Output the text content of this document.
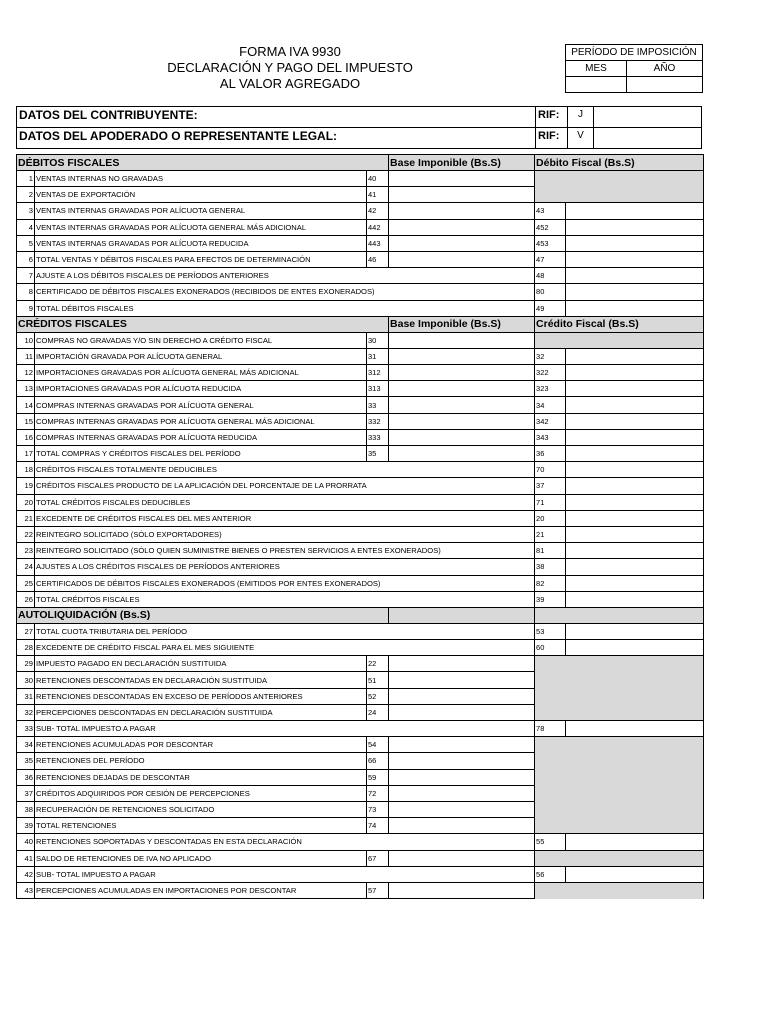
FORMA IVA 9930
DECLARACIÓN Y PAGO DEL IMPUESTO
AL VALOR AGREGADO
PERÍODO DE IMPOSICIÓN	
MES	AÑO

DATOS DEL CONTRIBUYENTE:	RIF:	J
DATOS DEL APODERADO O REPRESENTANTE LEGAL:	RIF:	V
DÉBITOS FISCALES			Base Imponible (Bs.S)	Débito Fiscal (Bs.S)	
1	VENTAS INTERNAS NO GRAVADAS	40			
2	VENTAS DE EXPORTACIÓN	41			
3	VENTAS INTERNAS GRAVADAS POR ALÍCUOTA GENERAL	42		43	
4	VENTAS INTERNAS GRAVADAS POR ALÍCUOTA GENERAL MÁS ADICIONAL	442		452	
5	VENTAS INTERNAS GRAVADAS POR ALÍCUOTA REDUCIDA	443		453	
6	TOTAL VENTAS Y DÉBITOS FISCALES PARA EFECTOS DE DETERMINACIÓN	46		47	
7	AJUSTE A LOS DÉBITOS FISCALES DE PERÍODOS ANTERIORES			48	
8	CERTIFICADO DE DÉBITOS FISCALES EXONERADOS (RECIBIDOS DE ENTES EXONERADOS)			80	
9	TOTAL DÉBITOS FISCALES			49	
CRÉDITOS FISCALES			Base Imponible (Bs.S)	Crédito Fiscal (Bs.S)	
10	COMPRAS NO GRAVADAS Y/O SIN DERECHO A CRÉDITO FISCAL	30			
11	IMPORTACIÓN GRAVADA POR ALÍCUOTA GENERAL	31		32	
12	IMPORTACIONES GRAVADAS POR ALÍCUOTA GENERAL MÁS ADICIONAL	312		322	
13	IMPORTACIONES GRAVADAS POR ALÍCUOTA REDUCIDA	313		323	
14	COMPRAS INTERNAS GRAVADAS POR ALÍCUOTA GENERAL	33		34	
15	COMPRAS INTERNAS GRAVADAS POR ALÍCUOTA GENERAL MÁS ADICIONAL	332		342	
16	COMPRAS INTERNAS GRAVADAS POR ALÍCUOTA REDUCIDA	333		343	
17	TOTAL COMPRAS Y CRÉDITOS FISCALES DEL PERÍODO	35		36	
18	CRÉDITOS FISCALES TOTALMENTE DEDUCIBLES			70	
19	CRÉDITOS FISCALES PRODUCTO DE LA APLICACIÓN DEL PORCENTAJE DE LA PRORRATA			37	
20	TOTAL CRÉDITOS FISCALES DEDUCIBLES			71	
21	EXCEDENTE DE CRÉDITOS FISCALES DEL MES ANTERIOR			20	
22	REINTEGRO SOLICITADO (SÓLO EXPORTADORES)			21	
23	REINTEGRO SOLICITADO (SÓLO QUIEN SUMINISTRE BIENES O PRESTEN SERVICIOS A ENTES EXONERADOS)			81	
24	AJUSTES A LOS CRÉDITOS FISCALES DE PERÍODOS ANTERIORES			38	
25	CERTIFICADOS DE DÉBITOS FISCALES EXONERADOS (EMITIDOS POR ENTES EXONERADOS)			82	
26	TOTAL CRÉDITOS FISCALES			39	
AUTOLIQUIDACIÓN (Bs.S)					
27	TOTAL CUOTA TRIBUTARIA DEL PERÍODO			53	
28	EXCEDENTE DE CRÉDITO FISCAL PARA EL MES SIGUIENTE			60	
29	IMPUESTO PAGADO EN DECLARACIÓN SUSTITUIDA	22			
30	RETENCIONES DESCONTADAS EN DECLARACIÓN SUSTITUIDA	51			
31	RETENCIONES DESCONTADAS EN EXCESO DE PERÍODOS ANTERIORES	52			
32	PERCEPCIONES DESCONTADAS EN DECLARACIÓN SUSTITUIDA	24			
33	SUB- TOTAL IMPUESTO A PAGAR			78	
34	RETENCIONES ACUMULADAS POR DESCONTAR	54			
35	RETENCIONES DEL PERÍODO	66			
36	RETENCIONES DEJADAS DE DESCONTAR	59			
37	CRÉDITOS ADQUIRIDOS POR CESIÓN DE PERCEPCIONES	72			
38	RECUPERACIÓN DE RETENCIONES SOLICITADO	73			
39	TOTAL RETENCIONES	74			
40	RETENCIONES SOPORTADAS Y DESCONTADAS EN ESTA DECLARACIÓN			55	
41	SALDO DE RETENCIONES DE IVA NO APLICADO	67			
42	SUB- TOTAL IMPUESTO A PAGAR			56	
43	PERCEPCIONES ACUMULADAS EN IMPORTACIONES POR DESCONTAR	57			
